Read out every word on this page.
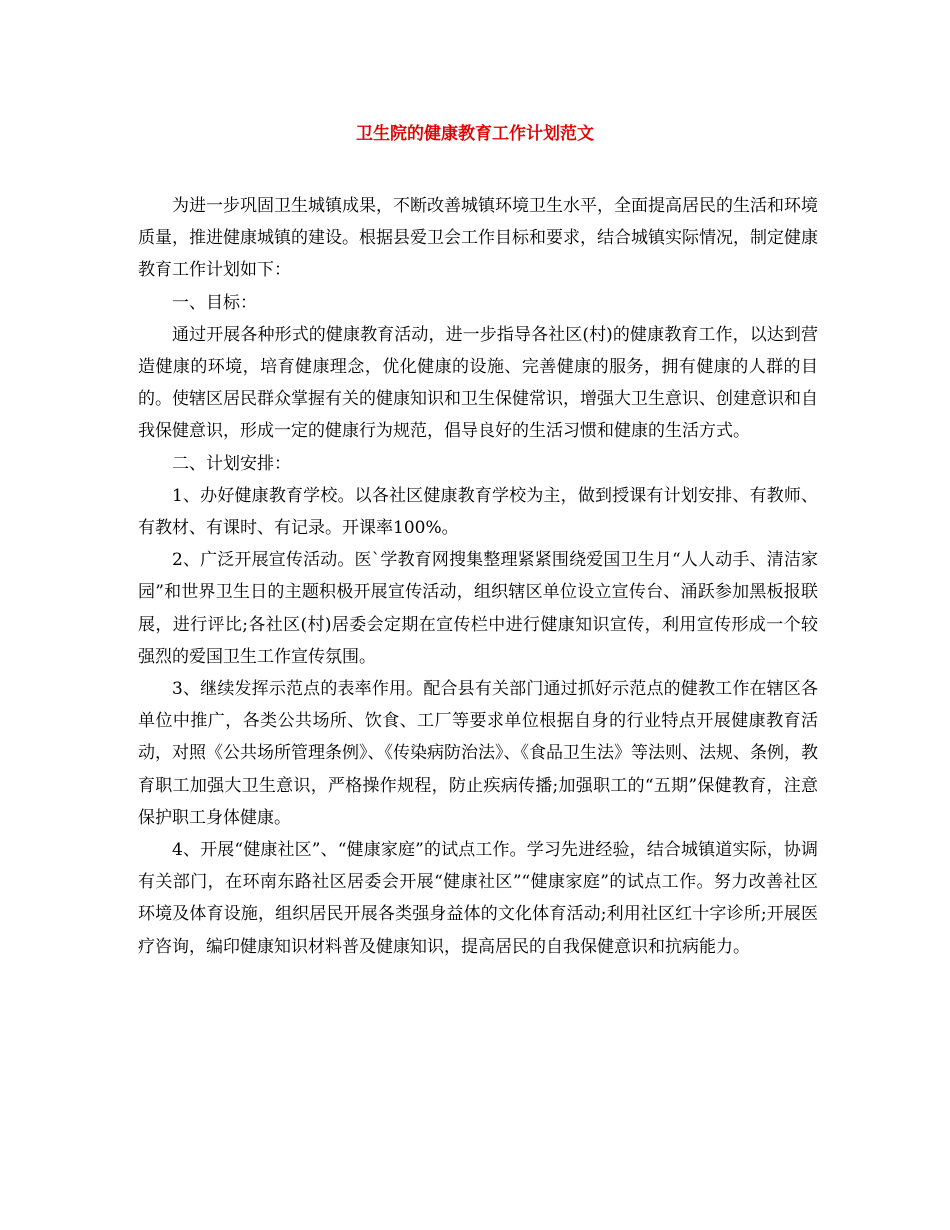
卫生院的健康教育工作计划范文

为进一步巩固卫生城镇成果，不断改善城镇环境卫生水平，全面提高居民的生活和环境质量，推进健康城镇的建设。根据县爱卫会工作目标和要求，结合城镇实际情况，制定健康教育工作计划如下：

一、目标：

通过开展各种形式的健康教育活动，进一步指导各社区(村)的健康教育工作，以达到营造健康的环境，培育健康理念，优化健康的设施、完善健康的服务，拥有健康的人群的目的。使辖区居民群众掌握有关的健康知识和卫生保健常识，增强大卫生意识、创建意识和自我保健意识，形成一定的健康行为规范，倡导良好的生活习惯和健康的生活方式。

二、计划安排：

1、办好健康教育学校。以各社区健康教育学校为主，做到授课有计划安排、有教师、有教材、有课时、有记录。开课率100%。

2、广泛开展宣传活动。医`学教育网搜集整理紧紧围绕爱国卫生月“人人动手、清洁家园”和世界卫生日的主题积极开展宣传活动，组织辖区单位设立宣传台、涌跃参加黑板报联展，进行评比;各社区(村)居委会定期在宣传栏中进行健康知识宣传，利用宣传形成一个较强烈的爱国卫生工作宣传氛围。

3、继续发挥示范点的表率作用。配合县有关部门通过抓好示范点的健教工作在辖区各单位中推广，各类公共场所、饮食、工厂等要求单位根据自身的行业特点开展健康教育活动，对照《公共场所管理条例》、《传染病防治法》、《食品卫生法》等法则、法规、条例，教育职工加强大卫生意识，严格操作规程，防止疾病传播;加强职工的“五期”保健教育，注意保护职工身体健康。

4、开展“健康社区”、“健康家庭”的试点工作。学习先进经验，结合城镇道实际，协调有关部门，在环南东路社区居委会开展“健康社区”“健康家庭”的试点工作。努力改善社区环境及体育设施，组织居民开展各类强身益体的文化体育活动;利用社区红十字诊所;开展医疗咨询，编印健康知识材料普及健康知识，提高居民的自我保健意识和抗病能力。
